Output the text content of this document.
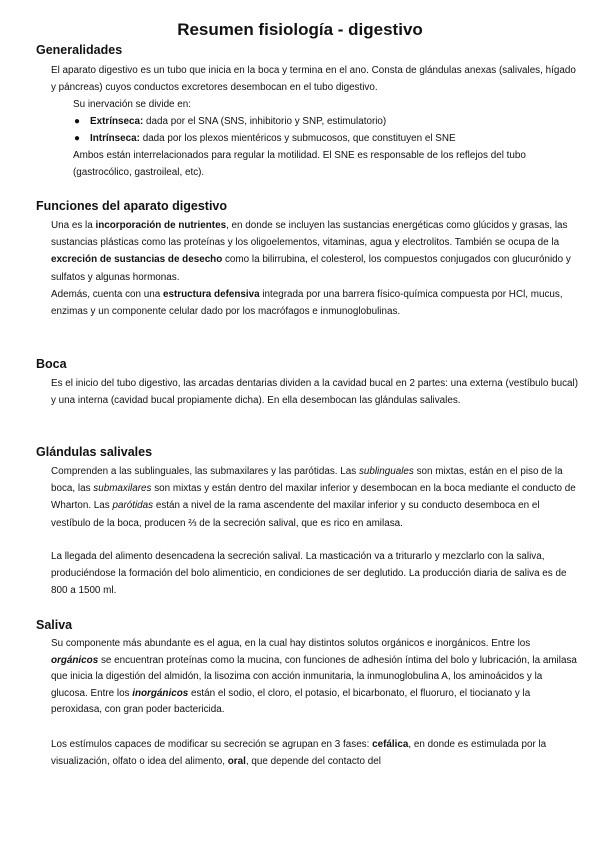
Resumen fisiología - digestivo
Generalidades

El aparato digestivo es un tubo que inicia en la boca y termina en el ano. Consta de glándulas anexas (salivales, hígado y páncreas) cuyos conductos excretores desembocan en el tubo digestivo.

Su inervación se divide en:

● Extrínseca: dada por el SNA (SNS, inhibitorio y SNP, estimulatorio)
● Intrínseca: dada por los plexos mientéricos y submucosos, que constituyen el SNE

Ambos están interrelacionados para regular la motilidad. El SNE es responsable de los reflejos del tubo (gastrocólico, gastroileal, etc).

Funciones del aparato digestivo

Una es la incorporación de nutrientes, en donde se incluyen las sustancias energéticas como glúcidos y grasas, las sustancias plásticas como las proteínas y los oligoelementos, vitaminas, agua y electrolitos. También se ocupa de la excreción de sustancias de desecho como la bilirrubina, el colesterol, los compuestos conjugados con glucurónido y sulfatos y algunas hormonas.

Además, cuenta con una estructura defensiva integrada por una barrera físico-química compuesta por HCl, mucus, enzimas y un componente celular dado por los macrófagos e inmunoglobulinas.

Boca

Es el inicio del tubo digestivo, las arcadas dentarias dividen a la cavidad bucal en 2 partes: una externa (vestíbulo bucal) y una interna (cavidad bucal propiamente dicha). En ella desembocan las glándulas salivales.

Glándulas salivales

Comprenden a las sublinguales, las submaxilares y las parótidas. Las sublinguales son mixtas, están en el piso de la boca, las submaxilares son mixtas y están dentro del maxilar inferior y desembocan en la boca mediante el conducto de Wharton. Las parótidas están a nivel de la rama ascendente del maxilar inferior y su conducto desemboca en el vestíbulo de la boca, producen ⅔ de la secreción salival, que es rico en amilasa.

La llegada del alimento desencadena la secreción salival. La masticación va a triturarlo y mezclarlo con la saliva, produciéndose la formación del bolo alimenticio, en condiciones de ser deglutido. La producción diaria de saliva es de 800 a 1500 ml.

Saliva

Su componente más abundante es el agua, en la cual hay distintos solutos orgánicos e inorgánicos. Entre los orgánicos se encuentran proteínas como la mucina, con funciones de adhesión íntima del bolo y lubricación, la amilasa que inicia la digestión del almidón, la lisozima con acción inmunitaria, la inmunoglobulina A, los aminoácidos y la glucosa. Entre los inorgánicos están el sodio, el cloro, el potasio, el bicarbonato, el fluoruro, el tiocianato y la peroxidasa, con gran poder bactericida.

Los estímulos capaces de modificar su secreción se agrupan en 3 fases: cefálica, en donde es estimulada por la visualización, olfato o idea del alimento, oral, que depende del contacto del
